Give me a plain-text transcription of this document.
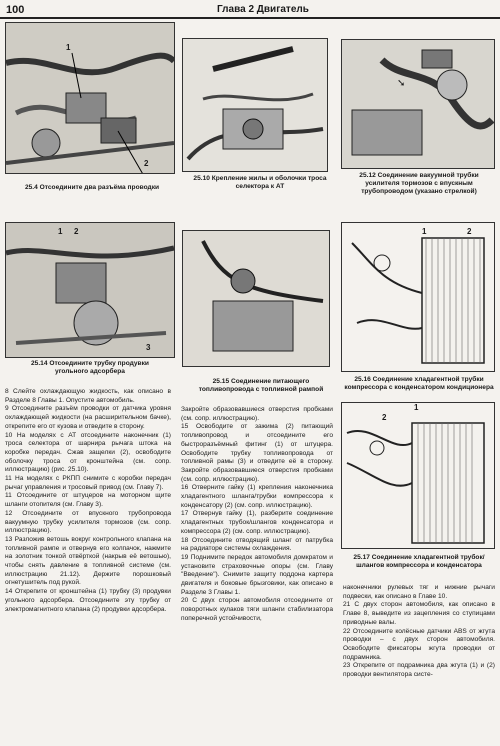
100	Глава 2 Двигатель
1
2
25.4 Отсоедините два разъёма проводки
25.10 Крепление жилы и оболочки троса селектора к АТ
➘
25.12 Соединение вакуумной трубки усилителя тормозов с впускным трубопроводом (указано стрелкой)
1 2
3
25.14 Отсоедините трубку продувки угольного адсорбера
25.15 Соединение питающего топливопровода с топливной рампой
1	2
25.16 Соединение хладагентной трубки компрессора с конденсатором кондиционера
1
2
25.17 Соединение хладагентной трубок/шлангов компрессора и конденсатора

8 Слейте охлаждающую жидкость, как описано в Разделе 8 Главы 1. Опустите автомобиль.

9 Отсоедините разъём проводки от датчика уровня охлаждающей жидкости (на расширительном бачке), открепите его от кузова и отведите в сторону.

10 На моделях с АТ отсоедините наконечник (1) троса селектора от шарнира рычага штока на коробке передач. Сжав защелки (2), освободите оболочку троса от кронштейна (см. сопр. иллюстрацию) (рис. 25.10).

11 На моделях с РКПП снимите с коробки передач рычаг управления и тросовый привод (см. Главу 7).

11 Отсоедините от штуцеров на моторном щите шланги отопителя (см. Главу 3).

12 Отсоедините от впускного трубопровода вакуумную трубку усилителя тормозов (см. сопр. иллюстрацию).

13 Разложив ветошь вокруг контрольного клапана на топливной рампе и отвернув его колпачок, нажмите на золотник тонкой отвёрткой (накрыв её ветошью), чтобы снять давление в топливной системе (см. иллюстрацию 21.12). Держите порошковый огнетушитель под рукой.

14 Открепите от кронштейна (1) трубку (3) продувки угольного адсорбера. Отсоедините эту трубку от электромагнитного клапана (2) продувки адсорбера.

Закройте образовавшиеся отверстия пробками (см. сопр. иллюстрацию).

15 Освободите от зажима (2) питающий топливопровод и отсоедините его быстроразъёмный фитинг (1) от штуцера. Освободите трубку топливопровода от топливной рамы (3) и отведите её в сторону. Закройте образовавшиеся отверстия пробками (см. сопр. иллюстрацию).

16 Отверните гайку (1) крепления наконечника хладагентного шланга/трубки компрессора к конденсатору (2) (см. сопр. иллюстрацию).

17 Отвернув гайку (1), разберите соединение хладагентных трубок/шлангов конденсатора и компрессора (2) (см. сопр. иллюстрацию).

18 Отсоедините отводящий шланг от патрубка на радиаторе системы охлаждения.

19 Поднимите передок автомобиля домкратом и установите страховочные опоры (см. Главу "Введение"). Снимите защиту поддона картера двигателя и боковые брызговики, как описано в Разделе 3 Главы 1.

20 С двух сторон автомобиля отсоедините от поворотных кулаков тяги шланги стабилизатора поперечной устойчивости,

наконечники рулевых тяг и нижние рычаги подвески, как описано в Главе 10.

21 С двух сторон автомобиля, как описано в Главе 8, выведите из зацепления со ступицами приводные валы.

22 Отсоедините колёсные датчики ABS от жгута проводки – с двух сторон автомобиля. Освободите фиксаторы жгута проводки от подрамника.

23 Открепите от подрамника два жгута (1) и (2) проводки вентилятора систе-
